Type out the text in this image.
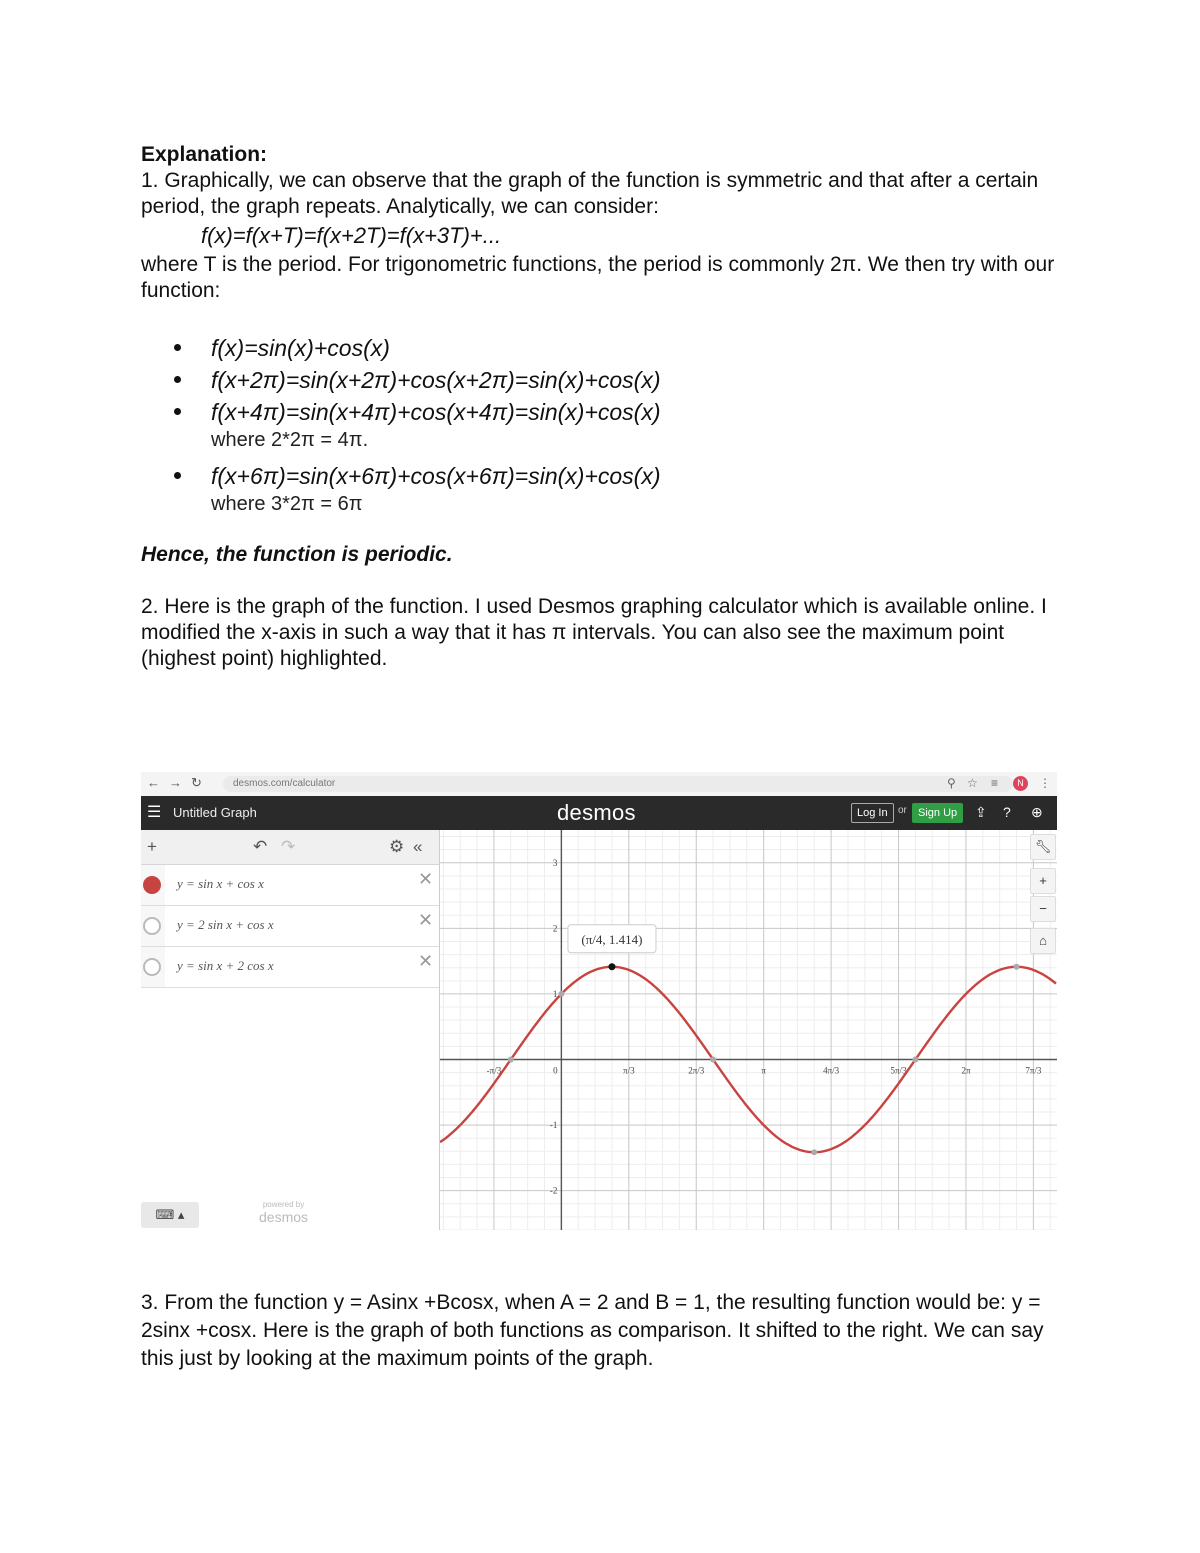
Explanation:

1. Graphically, we can observe that the graph of the function is symmetric and that after a certain period, the graph repeats. Analytically, we can consider:

f(x)=f(x+T)=f(x+2T)=f(x+3T)+...

where T is the period. For trigonometric functions, the period is commonly 2π. We then try with our function:

f(x)=sin(x)+cos(x)
f(x+2π)=sin(x+2π)+cos(x+2π)=sin(x)+cos(x)
f(x+4π)=sin(x+4π)+cos(x+4π)=sin(x)+cos(x)
where 2*2π = 4π.
f(x+6π)=sin(x+6π)+cos(x+6π)=sin(x)+cos(x)
where 3*2π = 6π
Hence, the function is periodic.

2. Here is the graph of the function. I used Desmos graphing calculator which is available online. I modified the x-axis in such a way that it has π intervals. You can also see the maximum point (highest point) highlighted.

← → ↻	desmos.com/calculator	⚲ ☆ ≡	N	⋮
☰ Untitled Graph	desmos	Log In	or	Sign Up	⇪ ? ⊕
+	↶ ↷	⚙ «
y = sin x + cos x	✕
y = 2 sin x + cos x	✕
y = sin x + 2 cos x	✕
⌨ ▴
powered by
desmos
-π/3	0	π/3	2π/3	π	4π/3	5π/3	2π	7π/3
3
2
1
-1
-2
(π/4, 1.414)
🔧︎
+
−
⌂
3. From the function y = Asinx +Bcosx, when A = 2 and B = 1, the resulting function would be: y = 2sinx +cosx. Here is the graph of both functions as comparison. It shifted to the right. We can say this just by looking at the maximum points of the graph.
